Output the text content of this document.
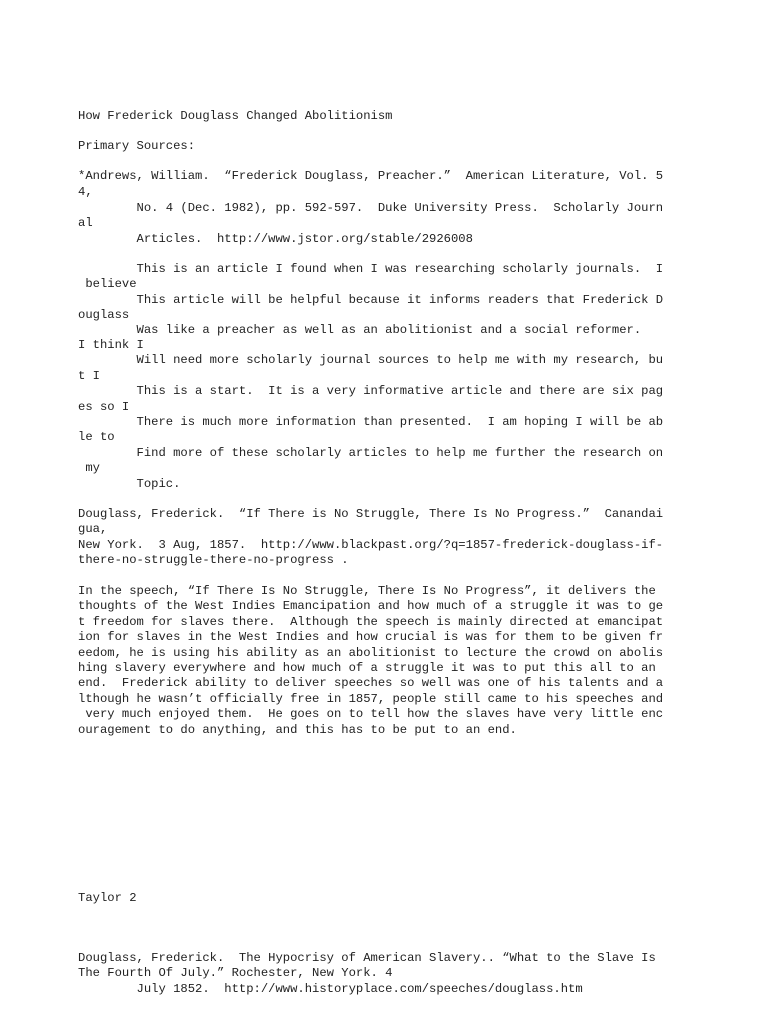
How Frederick Douglass Changed Abolitionism

Primary Sources:

*Andrews, William.  “Frederick Douglass, Preacher.”  American Literature, Vol. 5

4,

No. 4 (Dec. 1982), pp. 592-597.  Duke University Press.  Scholarly Journ

al

Articles.  http://www.jstor.org/stable/2926008

This is an article I found when I was researching scholarly journals.  I

believe

This article will be helpful because it informs readers that Frederick D

ouglass

Was like a preacher as well as an abolitionist and a social reformer.

I think I

Will need more scholarly journal sources to help me with my research, bu

t I

This is a start.  It is a very informative article and there are six pag

es so I

There is much more information than presented.  I am hoping I will be ab

le to

Find more of these scholarly articles to help me further the research on

my

Topic.

Douglass, Frederick.  “If There is No Struggle, There Is No Progress.”  Canandai

gua,

New York.  3 Aug, 1857.  http://www.blackpast.org/?q=1857-frederick-douglass-if-

there-no-struggle-there-no-progress .

In the speech, “If There Is No Struggle, There Is No Progress”, it delivers the

thoughts of the West Indies Emancipation and how much of a struggle it was to ge

t freedom for slaves there.  Although the speech is mainly directed at emancipat

ion for slaves in the West Indies and how crucial is was for them to be given fr

eedom, he is using his ability as an abolitionist to lecture the crowd on abolis

hing slavery everywhere and how much of a struggle it was to put this all to an

end.  Frederick ability to deliver speeches so well was one of his talents and a

lthough he wasn’t officially free in 1857, people still came to his speeches and

very much enjoyed them.  He goes on to tell how the slaves have very little enc

ouragement to do anything, and this has to be put to an end.

Taylor 2

Douglass, Frederick.  The Hypocrisy of American Slavery.. “What to the Slave Is

The Fourth Of July.” Rochester, New York. 4

July 1852.  http://www.historyplace.com/speeches/douglass.htm
